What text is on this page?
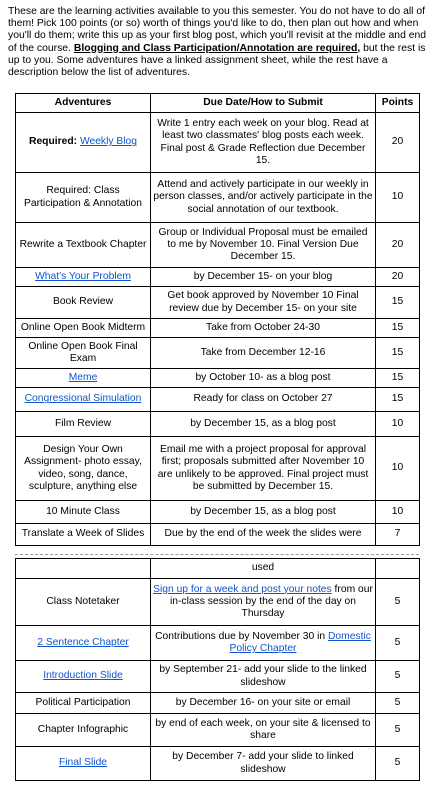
These are the learning activities available to you this semester. You do not have to do all of them! Pick 100 points (or so) worth of things you'd like to do, then plan out how and when you'll do them; write this up as your first blog post, which you'll revisit at the middle and end of the course. Blogging and Class Participation/Annotation are required, but the rest is up to you. Some adventures have a linked assignment sheet, while the rest have a description below the list of adventures.
Adventures	Due Date/How to Submit	Points
Required: Weekly Blog	Write 1 entry each week on your blog. Read at least two classmates' blog posts each week. Final post & Grade Reflection due December 15.	20
Required: Class Participation & Annotation	Attend and actively participate in our weekly in person classes, and/or actively participate in the social annotation of our textbook.	10
Rewrite a Textbook Chapter	Group or Individual Proposal must be emailed to me by November 10. Final Version Due December 15.	20
What's Your Problem	by December 15- on your blog	20
Book Review	Get book approved by November 10 Final review due by December 15- on your site	15
Online Open Book Midterm	Take from October 24-30	15
Online Open Book Final Exam	Take from December 12-16	15
Meme	by October 10- as a blog post	15
Congressional Simulation	Ready for class on October 27	15
Film Review	by December 15, as a blog post	10
Design Your Own Assignment- photo essay, video, song, dance, sculpture, anything else	Email me with a project proposal for approval first; proposals submitted after November 10 are unlikely to be approved. Final project must be submitted by December 15.	10
10 Minute Class	by December 15, as a blog post	10
Translate a Week of Slides	Due by the end of the week the slides were	7
	used	
Class Notetaker	Sign up for a week and post your notes from our in-class session by the end of the day on Thursday	5
2 Sentence Chapter	Contributions due by November 30 in Domestic Policy Chapter	5
Introduction Slide	by September 21- add your slide to the linked slideshow	5
Political Participation	by December 16- on your site or email	5
Chapter Infographic	by end of each week, on your site & licensed to share	5
Final Slide	by December 7- add your slide to linked slideshow	5
